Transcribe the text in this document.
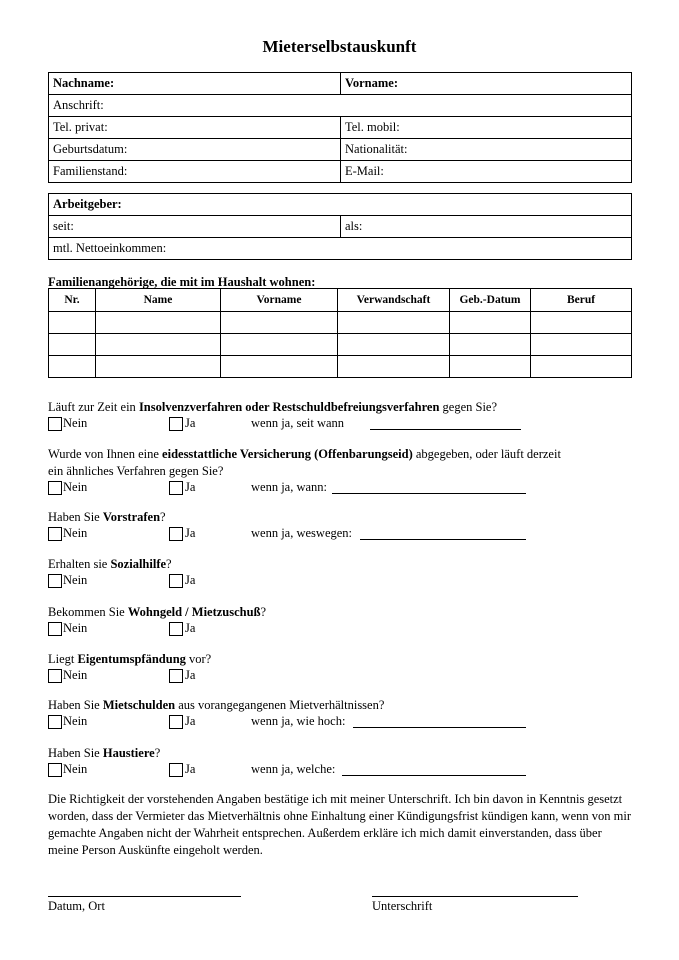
Mieterselbstauskunft
Nachname:	Vorname:
Anschrift:	
Tel. privat:	Tel. mobil:
Geburtsdatum:	Nationalität:
Familienstand:	E-Mail:
Arbeitgeber:
seit:	als:
mtl. Nettoeinkommen:
Familienangehörige, die mit im Haushalt wohnen:
Nr.	Name	Vorname	Verwandschaft	Geb.-Datum	Beruf

Läuft zur Zeit ein Insolvenzverfahren oder Restschuldbefreiungsverfahren gegen Sie?
Nein	Ja	wenn ja, seit wann
Wurde von Ihnen eine eidesstattliche Versicherung (Offenbarungseid) abgegeben, oder läuft derzeit ein ähnliches Verfahren gegen Sie?
Nein	Ja	wenn ja, wann:
Haben Sie Vorstrafen?
Nein	Ja	wenn ja, weswegen:
Erhalten sie Sozialhilfe?
Nein	Ja
Bekommen Sie Wohngeld / Mietzuschuß?
Nein	Ja
Liegt Eigentumspfändung vor?
Nein	Ja
Haben Sie Mietschulden aus vorangegangenen Mietverhältnissen?
Nein	Ja	wenn ja, wie hoch:
Haben Sie Haustiere?
Nein	Ja	wenn ja, welche:
Die Richtigkeit der vorstehenden Angaben bestätige ich mit meiner Unterschrift. Ich bin davon in Kenntnis gesetzt worden, dass der Vermieter das Mietverhältnis ohne Einhaltung einer Kündigungsfrist kündigen kann, wenn von mir gemachte Angaben nicht der Wahrheit entsprechen. Außerdem erkläre ich mich damit einverstanden, dass über meine Person Auskünfte eingeholt werden.
Datum, Ort	Unterschrift
